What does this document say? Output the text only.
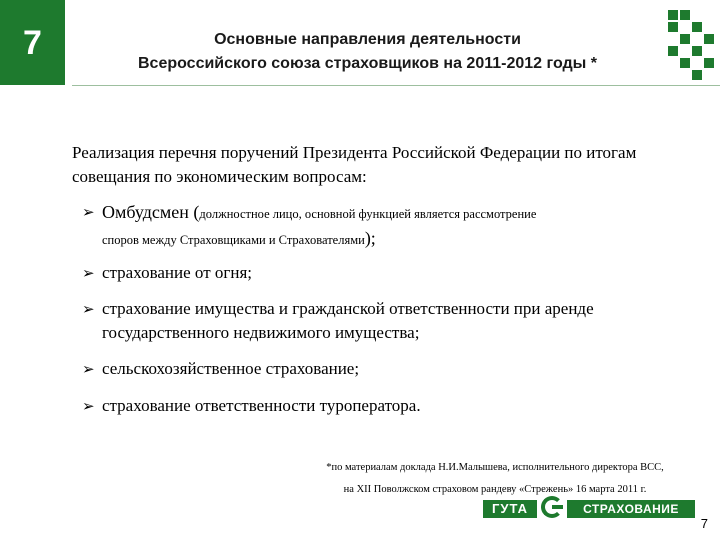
7	Основные направления деятельности
Всероссийского союза страховщиков на 2011-2012 годы *
Реализация перечня поручений Президента Российской Федерации по итогам совещания по экономическим вопросам:
➢ Омбудсмен (должностное лицо, основной функцией является рассмотрение
споров между Страховщиками и Страхователями);
➢ страхование от огня;
➢ страхование имущества и гражданской ответственности при аренде государственного недвижимого имущества;
➢ сельскохозяйственное страхование;
➢ страхование ответственности туроператора.
*по материалам доклада Н.И.Малышева, исполнительного директора ВСС,
на XII Поволжском страховом рандеву «Стрежень» 16 марта 2011 г.
ГУТА	СТРАХОВАНИЕ
7
